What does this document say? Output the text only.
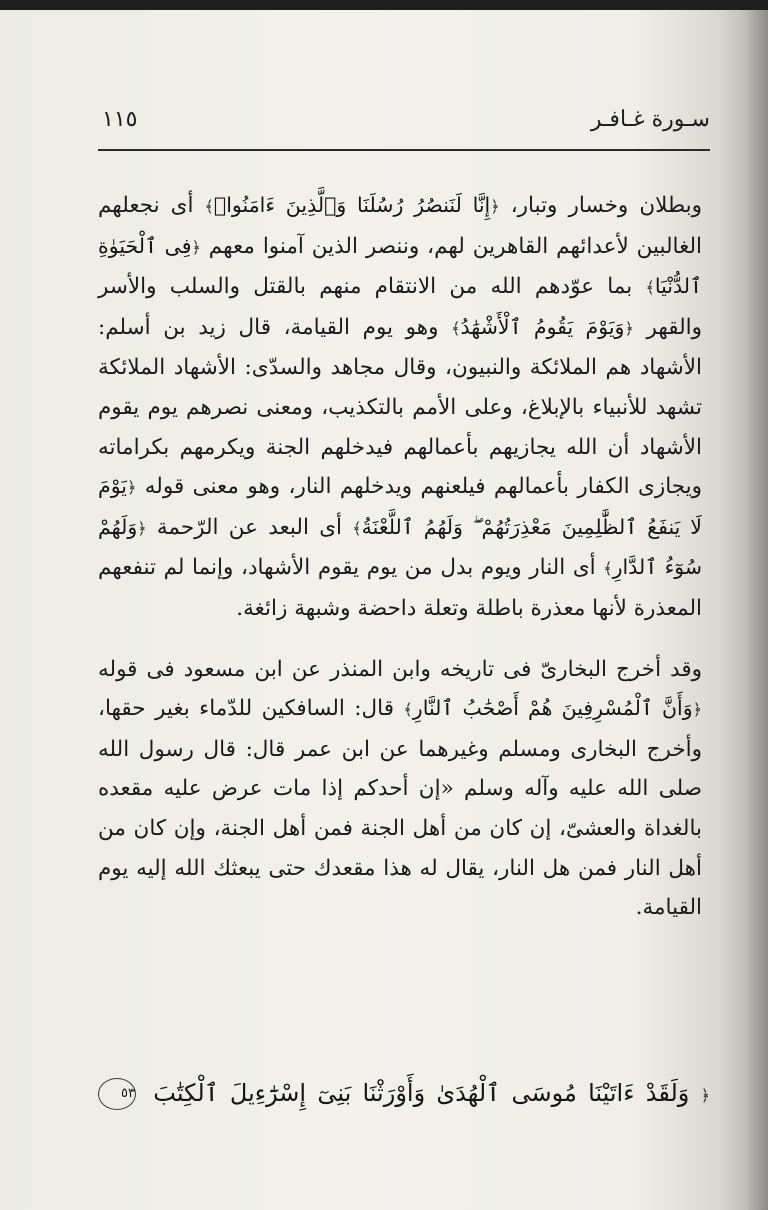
سـورة غـافـر
١١٥

وبطلان وخسار وتبار، ﴿إِنَّا لَنَنصُرُ رُسُلَنَا وَٱلَّذِينَ ءَامَنُوا۟﴾ أى نجعلهم الغالبين لأعدائهم القاهرين لهم، وننصر الذين آمنوا معهم ﴿فِى ٱلْحَيَوٰةِ ٱلدُّنْيَا﴾ بما عوّدهم الله من الانتقام منهم بالقتل والسلب والأسر والقهر ﴿وَيَوْمَ يَقُومُ ٱلْأَشْهَٰدُ﴾ وهو يوم القيامة، قال زيد بن أسلم: الأشهاد هم الملائكة والنبيون، وقال مجاهد والسدّى: الأشهاد الملائكة تشهد للأنبياء بالإبلاغ، وعلى الأمم بالتكذيب، ومعنى نصرهم يوم يقوم الأشهاد أن الله يجازيهم بأعمالهم فيدخلهم الجنة ويكرمهم بكراماته ويجازى الكفار بأعمالهم فيلعنهم ويدخلهم النار، وهو معنى قوله ﴿يَوْمَ لَا يَنفَعُ ٱلظَّٰلِمِينَ مَعْذِرَتُهُمْ ۖ وَلَهُمُ ٱللَّعْنَةُ﴾ أى البعد عن الرّحمة ﴿وَلَهُمْ سُوٓءُ ٱلدَّارِ﴾ أى النار ويوم بدل من يوم يقوم الأشهاد، وإنما لم تنفعهم المعذرة لأنها معذرة باطلة وتعلة داحضة وشبهة زائغة.

وقد أخرج البخارىّ فى تاريخه وابن المنذر عن ابن مسعود فى قوله ﴿وَأَنَّ ٱلْمُسْرِفِينَ هُمْ أَصْحَٰبُ ٱلنَّارِ﴾ قال: السافكين للدّماء بغير حقها، وأخرج البخارى ومسلم وغيرهما عن ابن عمر قال: قال رسول الله صلى الله عليه وآله وسلم «إن أحدكم إذا مات عرض عليه مقعده بالغداة والعشىّ، إن كان من أهل الجنة فمن أهل الجنة، وإن كان من أهل النار فمن هل النار، يقال له هذا مقعدك حتى يبعثك الله إليه يوم القيامة.

﴿ وَلَقَدْ ءَاتَيْنَا مُوسَى ٱلْهُدَىٰ وَأَوْرَثْنَا بَنِىٓ إِسْرَٰٓءِيلَ ٱلْكِتَٰبَ ٥٣
